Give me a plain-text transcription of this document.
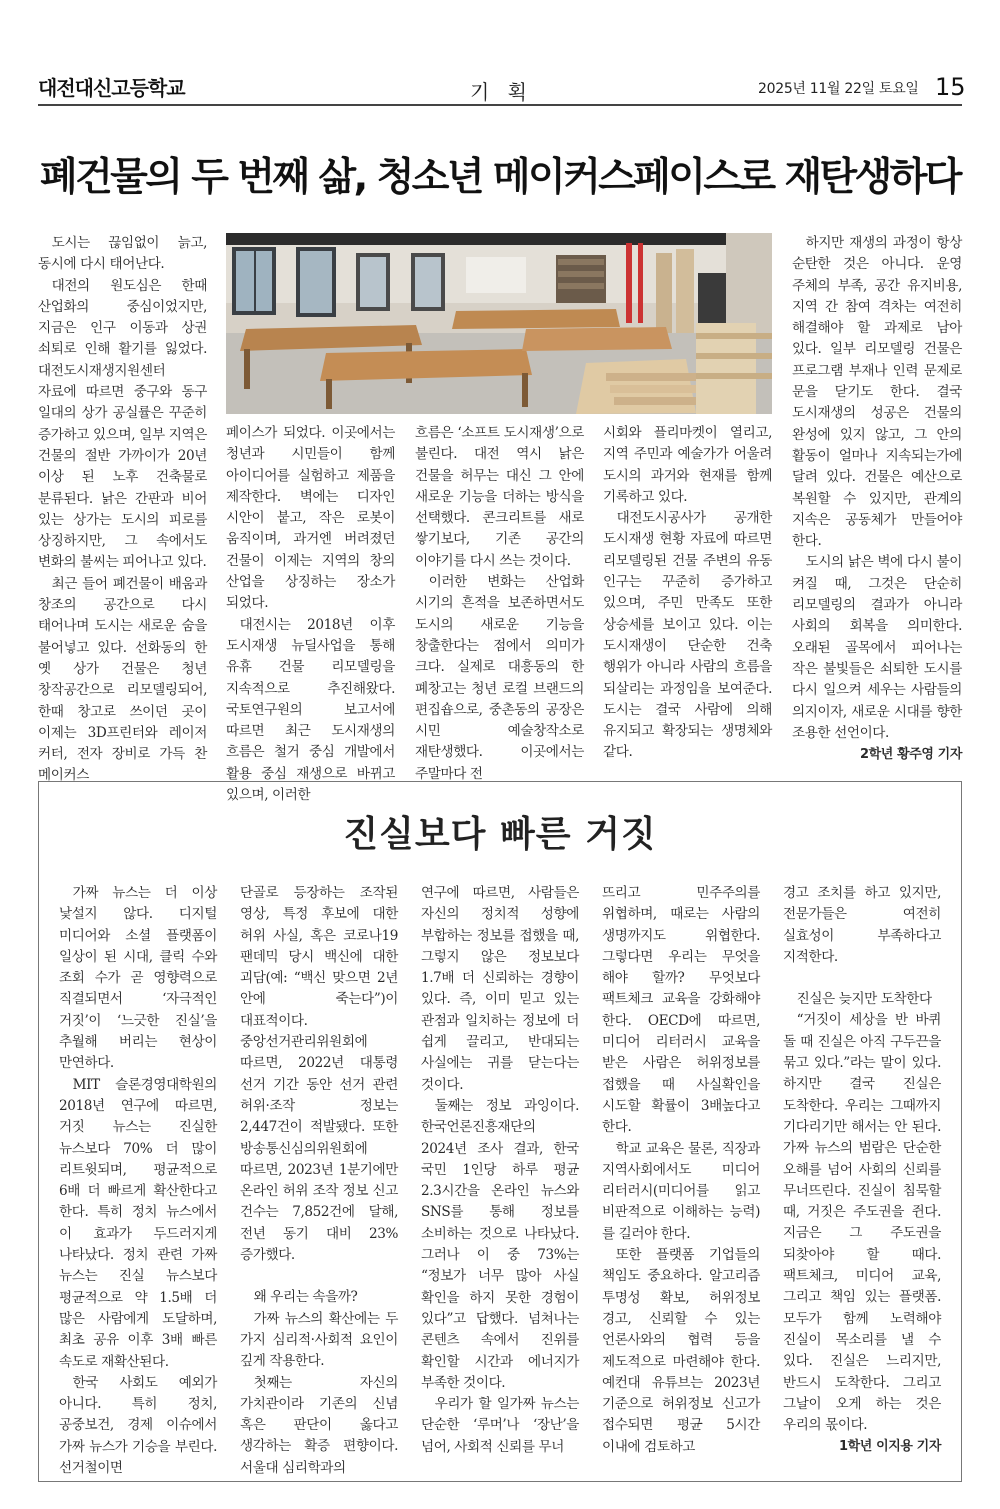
대전대신고등학교	기 획	2025년 11월 22일 토요일 15
폐건물의 두 번째 삶, 청소년 메이커스페이스로 재탄생하다

도시는 끊임없이 늙고, 동시에 다시 태어난다.

대전의 원도심은 한때 산업화의 중심이었지만, 지금은 인구 이동과 상권 쇠퇴로 인해 활기를 잃었다. 대전도시재생지원센터 자료에 따르면 중구와 동구 일대의 상가 공실률은 꾸준히 증가하고 있으며, 일부 지역은 건물의 절반 가까이가 20년 이상 된 노후 건축물로 분류된다. 낡은 간판과 비어 있는 상가는 도시의 피로를 상징하지만, 그 속에서도 변화의 불씨는 피어나고 있다.

최근 들어 폐건물이 배움과 창조의 공간으로 다시 태어나며 도시는 새로운 숨을 불어넣고 있다. 선화동의 한 옛 상가 건물은 청년 창작공간으로 리모델링되어, 한때 창고로 쓰이던 곳이 이제는 3D프린터와 레이저 커터, 전자 장비로 가득 찬 메이커스

페이스가 되었다. 이곳에서는 청년과 시민들이 함께 아이디어를 실험하고 제품을 제작한다. 벽에는 디자인 시안이 붙고, 작은 로봇이 움직이며, 과거엔 버려졌던 건물이 이제는 지역의 창의 산업을 상징하는 장소가 되었다.

대전시는 2018년 이후 도시재생 뉴딜사업을 통해 유휴 건물 리모델링을 지속적으로 추진해왔다. 국토연구원의 보고서에 따르면 최근 도시재생의 흐름은 철거 중심 개발에서 활용 중심 재생으로 바뀌고 있으며, 이러한

흐름은 ‘소프트 도시재생’으로 불린다. 대전 역시 낡은 건물을 허무는 대신 그 안에 새로운 기능을 더하는 방식을 선택했다. 콘크리트를 새로 쌓기보다, 기존 공간의 이야기를 다시 쓰는 것이다.

이러한 변화는 산업화 시기의 흔적을 보존하면서도 도시의 새로운 기능을 창출한다는 점에서 의미가 크다. 실제로 대흥동의 한 폐창고는 청년 로컬 브랜드의 편집숍으로, 중촌동의 공장은 시민 예술창작소로 재탄생했다. 이곳에서는 주말마다 전

시회와 플리마켓이 열리고, 지역 주민과 예술가가 어울려 도시의 과거와 현재를 함께 기록하고 있다.

대전도시공사가 공개한 도시재생 현황 자료에 따르면 리모델링된 건물 주변의 유동 인구는 꾸준히 증가하고 있으며, 주민 만족도 또한 상승세를 보이고 있다. 이는 도시재생이 단순한 건축 행위가 아니라 사람의 흐름을 되살리는 과정임을 보여준다. 도시는 결국 사람에 의해 유지되고 확장되는 생명체와 같다.

하지만 재생의 과정이 항상 순탄한 것은 아니다. 운영 주체의 부족, 공간 유지비용, 지역 간 참여 격차는 여전히 해결해야 할 과제로 남아 있다. 일부 리모델링 건물은 프로그램 부재나 인력 문제로 문을 닫기도 한다. 결국 도시재생의 성공은 건물의 완성에 있지 않고, 그 안의 활동이 얼마나 지속되는가에 달려 있다. 건물은 예산으로 복원할 수 있지만, 관계의 지속은 공동체가 만들어야 한다.

도시의 낡은 벽에 다시 불이 켜질 때, 그것은 단순히 리모델링의 결과가 아니라 사회의 회복을 의미한다. 오래된 골목에서 피어나는 작은 불빛들은 쇠퇴한 도시를 다시 일으켜 세우는 사람들의 의지이자, 새로운 시대를 향한 조용한 선언이다.

2학년 황주영 기자

진실보다 빠른 거짓

가짜 뉴스는 더 이상 낯설지 않다. 디지털 미디어와 소셜 플랫폼이 일상이 된 시대, 클릭 수와 조회 수가 곧 영향력으로 직결되면서 ‘자극적인 거짓’이 ‘느긋한 진실’을 추월해 버리는 현상이 만연하다.

MIT 슬론경영대학원의 2018년 연구에 따르면, 거짓 뉴스는 진실한 뉴스보다 70% 더 많이 리트윗되며, 평균적으로 6배 더 빠르게 확산한다고 한다. 특히 정치 뉴스에서 이 효과가 두드러지게 나타났다. 정치 관련 가짜 뉴스는 진실 뉴스보다 평균적으로 약 1.5배 더 많은 사람에게 도달하며, 최초 공유 이후 3배 빠른 속도로 재확산된다.

한국 사회도 예외가 아니다. 특히 정치, 공중보건, 경제 이슈에서 가짜 뉴스가 기승을 부린다. 선거철이면

단골로 등장하는 조작된 영상, 특정 후보에 대한 허위 사실, 혹은 코로나19 팬데믹 당시 백신에 대한 괴담(예: “백신 맞으면 2년 안에 죽는다”)이 대표적이다. 중앙선거관리위원회에 따르면, 2022년 대통령 선거 기간 동안 선거 관련 허위·조작 정보는 2,447건이 적발됐다. 또한 방송통신심의위원회에 따르면, 2023년 1분기에만 온라인 허위 조작 정보 신고 건수는 7,852건에 달해, 전년 동기 대비 23% 증가했다.

왜 우리는 속을까?

가짜 뉴스의 확산에는 두 가지 심리적·사회적 요인이 깊게 작용한다.

첫째는 자신의 가치관이라 기존의 신념 혹은 판단이 옳다고 생각하는 확증 편향이다. 서울대 심리학과의

연구에 따르면, 사람들은 자신의 정치적 성향에 부합하는 정보를 접했을 때, 그렇지 않은 정보보다 1.7배 더 신뢰하는 경향이 있다. 즉, 이미 믿고 있는 관점과 일치하는 정보에 더 쉽게 끌리고, 반대되는 사실에는 귀를 닫는다는 것이다.

둘째는 정보 과잉이다. 한국언론진흥재단의 2024년 조사 결과, 한국 국민 1인당 하루 평균 2.3시간을 온라인 뉴스와 SNS를 통해 정보를 소비하는 것으로 나타났다. 그러나 이 중 73%는 “정보가 너무 많아 사실 확인을 하지 못한 경험이 있다”고 답했다. 넘쳐나는 콘텐츠 속에서 진위를 확인할 시간과 에너지가 부족한 것이다.

우리가 할 일가짜 뉴스는 단순한 ‘루머’나 ‘장난’을 넘어, 사회적 신뢰를 무너

뜨리고 민주주의를 위협하며, 때로는 사람의 생명까지도 위협한다. 그렇다면 우리는 무엇을 해야 할까? 무엇보다 팩트체크 교육을 강화해야 한다. OECD에 따르면, 미디어 리터러시 교육을 받은 사람은 허위정보를 접했을 때 사실확인을 시도할 확률이 3배높다고 한다.

학교 교육은 물론, 직장과 지역사회에서도 미디어 리터러시(미디어를 읽고 비판적으로 이해하는 능력)를 길러야 한다.

또한 플랫폼 기업들의 책임도 중요하다. 알고리즘 투명성 확보, 허위정보 경고, 신뢰할 수 있는 언론사와의 협력 등을 제도적으로 마련해야 한다. 예컨대 유튜브는 2023년 기준으로 허위정보 신고가 접수되면 평균 5시간 이내에 검토하고

경고 조치를 하고 있지만, 전문가들은 여전히 실효성이 부족하다고 지적한다.

진실은 늦지만 도착한다

“거짓이 세상을 반 바퀴 돌 때 진실은 아직 구두끈을 묶고 있다.”라는 말이 있다. 하지만 결국 진실은 도착한다. 우리는 그때까지 기다리기만 해서는 안 된다. 가짜 뉴스의 범람은 단순한 오해를 넘어 사회의 신뢰를 무너뜨린다. 진실이 침묵할 때, 거짓은 주도권을 쥔다. 지금은 그 주도권을 되찾아야 할 때다. 팩트체크, 미디어 교육, 그리고 책임 있는 플랫폼. 모두가 함께 노력해야 진실이 목소리를 낼 수 있다. 진실은 느리지만, 반드시 도착한다. 그리고 그날이 오게 하는 것은 우리의 몫이다.

1학년 이지용 기자
